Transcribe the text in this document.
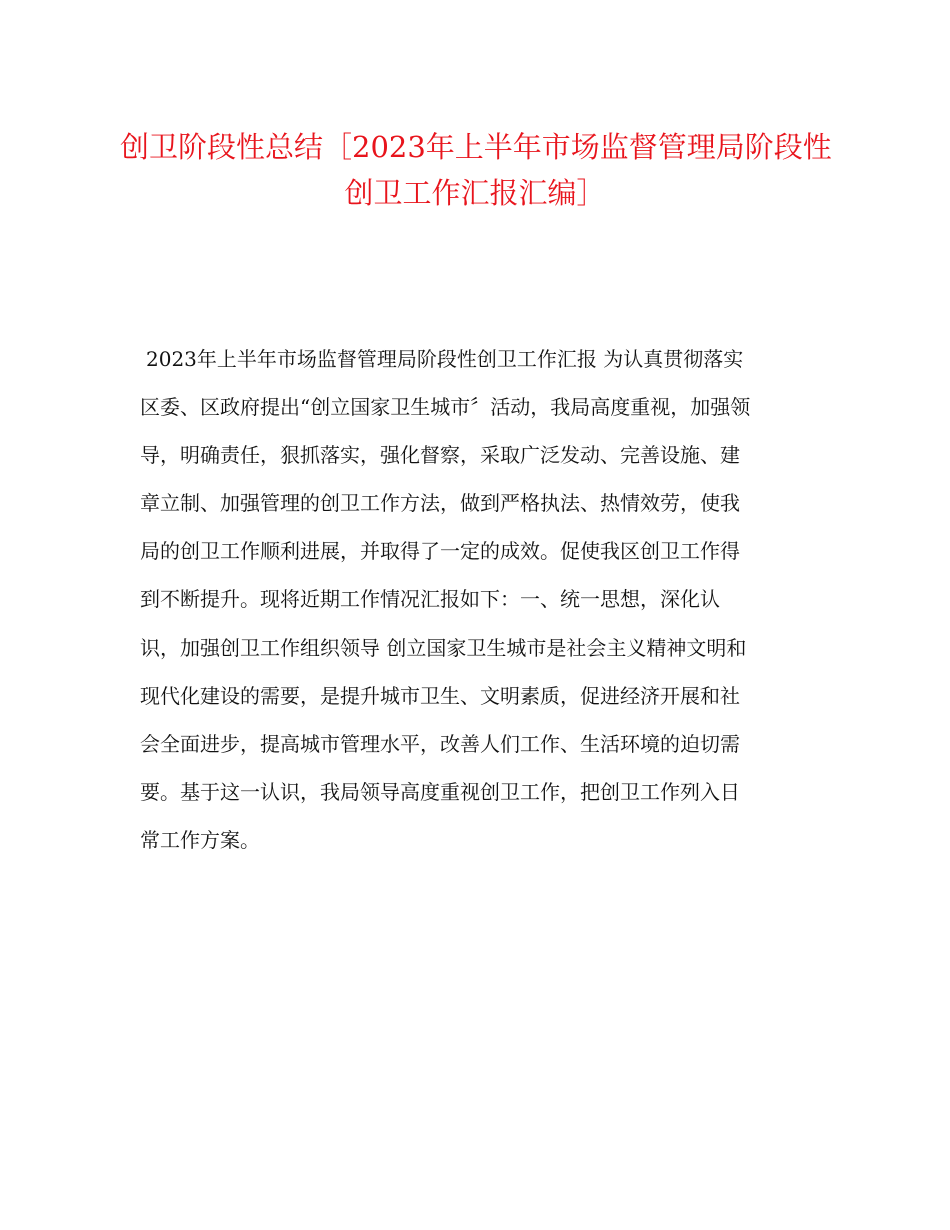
创卫阶段性总结［2023年上半年市场监督管理局阶段性
创卫工作汇报汇编］
2023年上半年市场监督管理局阶段性创卫工作汇报 为认真贯彻落实
区委、区政府提出“创立国家卫生城市〞活动，我局高度重视，加强领
导，明确责任，狠抓落实，强化督察，采取广泛发动、完善设施、建
章立制、加强管理的创卫工作方法，做到严格执法、热情效劳，使我
局的创卫工作顺利进展，并取得了一定的成效。促使我区创卫工作得
到不断提升。现将近期工作情况汇报如下：一、统一思想，深化认
识，加强创卫工作组织领导 创立国家卫生城市是社会主义精神文明和
现代化建设的需要，是提升城市卫生、文明素质，促进经济开展和社
会全面进步，提高城市管理水平，改善人们工作、生活环境的迫切需
要。基于这一认识，我局领导高度重视创卫工作，把创卫工作列入日
常工作方案。
